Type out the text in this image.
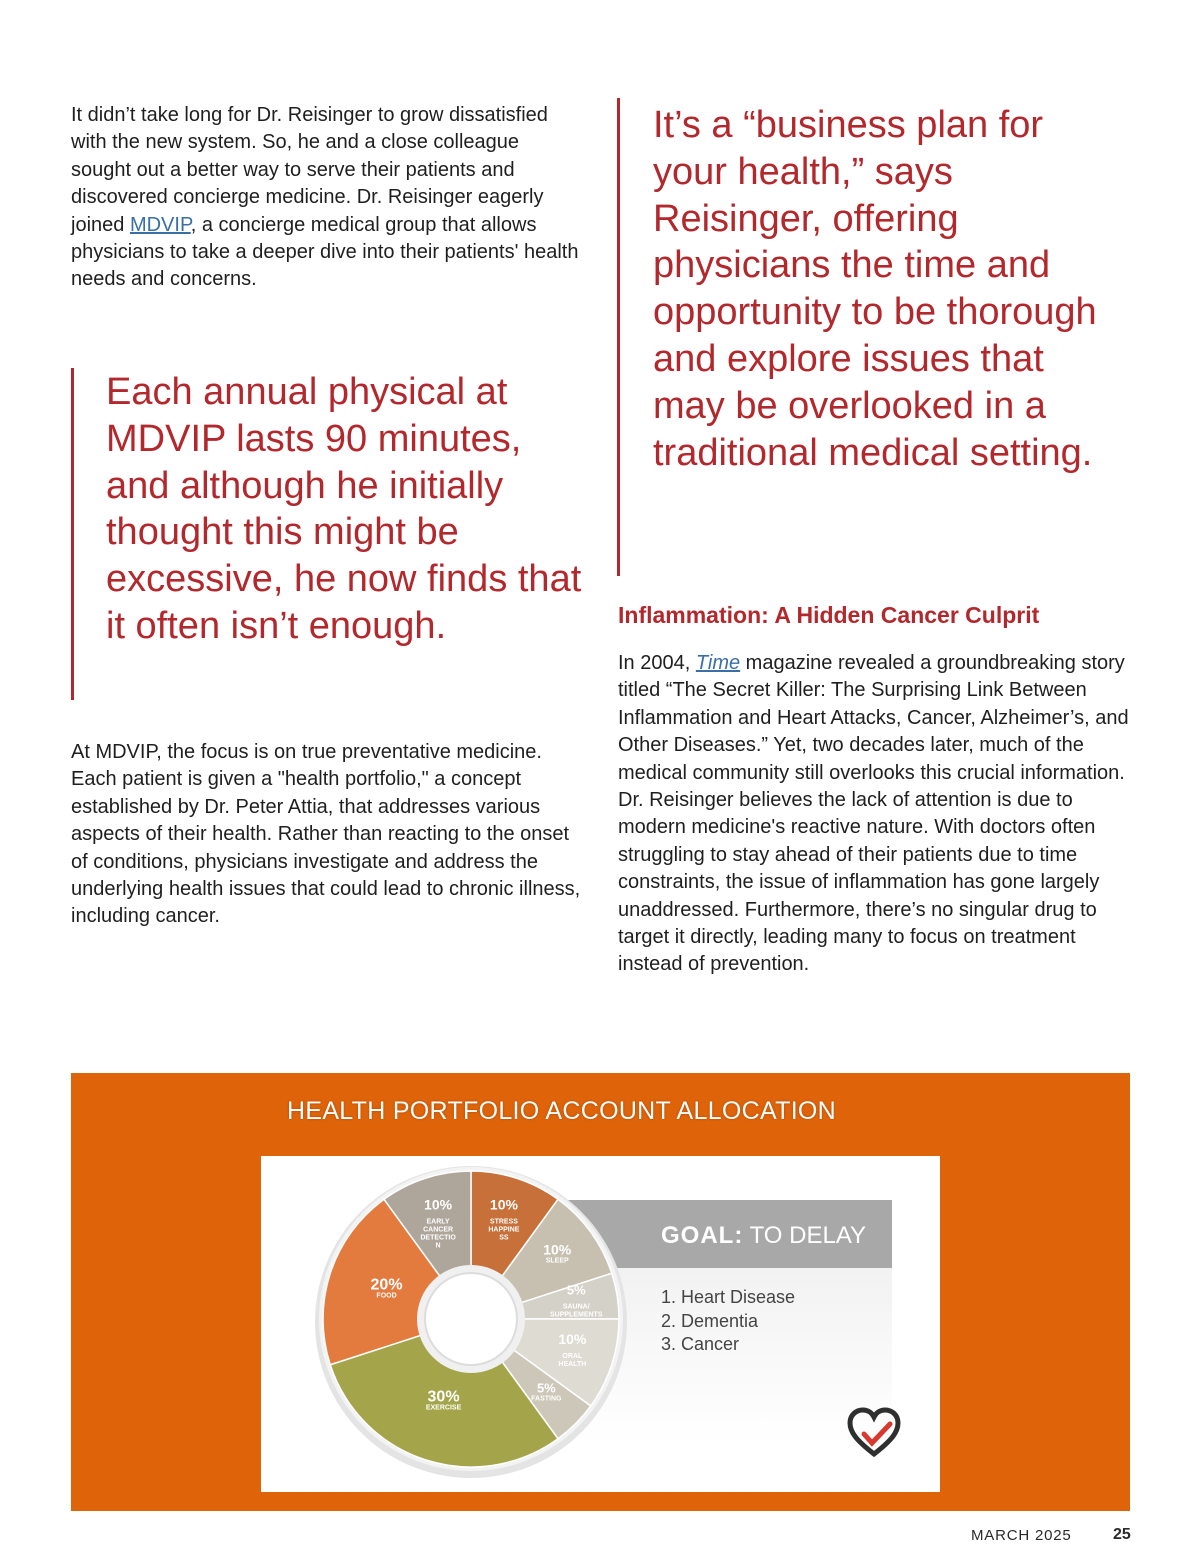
It didn’t take long for Dr. Reisinger to grow dissatisfied with the new system. So, he and a close colleague sought out a better way to serve their patients and discovered concierge medicine. Dr. Reisinger eagerly joined MDVIP, a concierge medical group that allows physicians to take a deeper dive into their patients' health needs and concerns.

Each annual physical at MDVIP lasts 90 minutes, and although he initially thought this might be excessive, he now finds that it often isn’t enough.

At MDVIP, the focus is on true preventative medicine. Each patient is given a "health portfolio," a concept established by Dr. Peter Attia, that addresses various aspects of their health. Rather than reacting to the onset of conditions, physicians investigate and address the underlying health issues that could lead to chronic illness, including cancer.

It’s a “business plan for your health,” says Reisinger, offering physicians the time and opportunity to be thorough and explore issues that may be overlooked in a traditional medical setting.

Inflammation: A Hidden Cancer Culprit

In 2004, Time magazine revealed a groundbreaking story titled “The Secret Killer: The Surprising Link Between Inflammation and Heart Attacks, Cancer, Alzheimer’s, and Other Diseases.” Yet, two decades later, much of the medical community still overlooks this crucial information. Dr. Reisinger believes the lack of attention is due to modern medicine's reactive nature. With doctors often struggling to stay ahead of their patients due to time constraints, the issue of inflammation has gone largely unaddressed. Furthermore, there’s no singular drug to target it directly, leading many to focus on treatment instead of prevention.

HEALTH PORTFOLIO ACCOUNT ALLOCATION
GOAL: TO DELAY
1. Heart Disease
2. Dementia
3. Cancer
10%
STRESS
HAPPINE
SS
10%
SLEEP
5%
SAUNA/
SUPPLEMENTS
10%
ORAL
HEALTH
5%
FASTING
30%
EXERCISE
20%
FOOD
10%
EARLY
CANCER
DETECTIO
N
MARCH 2025	25
